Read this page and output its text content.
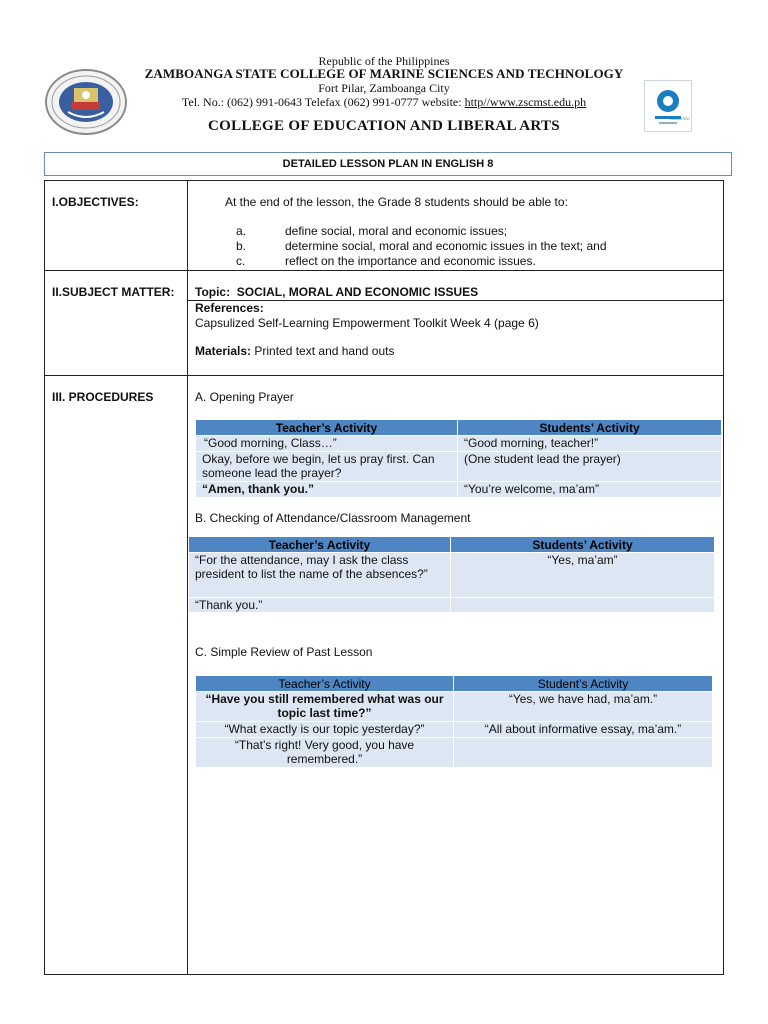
Republic of the Philippines
ZAMBOANGA STATE COLLEGE OF MARINE SCIENCES AND TECHNOLOGY
Fort Pilar, Zamboanga City
Tel. No.: (062) 991-0643 Telefax (062) 991-0777 website: http//www.zscmst.edu.ph
COLLEGE OF EDUCATION AND LIBERAL ARTS
DETAILED LESSON PLAN IN ENGLISH 8
I.OBJECTIVES:	At the end of the lesson, the Grade 8 students should be able to:
a.	define social, moral and economic issues;
b.	determine social, moral and economic issues in the text; and
c.	reflect on the importance and economic issues.
II.SUBJECT MATTER: Topic:  SOCIAL, MORAL AND ECONOMIC ISSUES
References:
Capsulized Self-Learning Empowerment Toolkit Week 4 (page 6)
Materials: Printed text and hand outs
III. PROCEDURES	A. Opening Prayer
Teacher’s Activity	Students’ Activity
“Good morning, Class…”	“Good morning, teacher!”
Okay, before we begin, let us pray first. Can someone lead the prayer?	(One student lead the prayer)
“Amen, thank you.”	“You’re welcome, ma’am”
B. Checking of Attendance/Classroom Management
Teacher’s Activity	Students’ Activity
“For the attendance, may I ask the class president to list the name of the absences?”	“Yes, ma’am”
“Thank you.”	
C. Simple Review of Past Lesson
Teacher’s Activity	Student’s Activity
“Have you still remembered what was our topic last time?”	“Yes, we have had, ma’am.”
“What exactly is our topic yesterday?”	“All about informative essay, ma’am.”
“That’s right! Very good, you have remembered.”	
SOCOTEC
